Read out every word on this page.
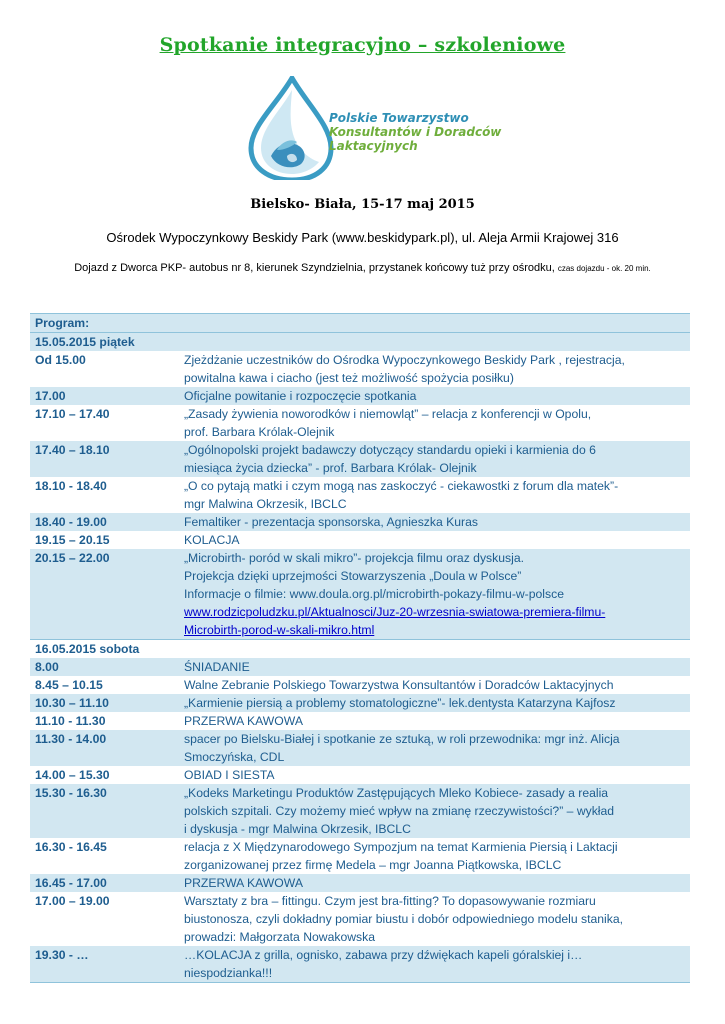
Spotkanie integracyjno – szkoleniowe
Polskie Towarzystwo
Konsultantów i Doradców
Laktacyjnych
Bielsko- Biała, 15-17 maj 2015
Ośrodek Wypoczynkowy Beskidy Park (www.beskidypark.pl), ul. Aleja Armii Krajowej 316
Dojazd z Dworca PKP- autobus nr 8, kierunek Szyndzielnia, przystanek końcowy tuż przy ośrodku, czas dojazdu - ok. 20 min.
Program:	
15.05.2015 piątek	
Od 15.00	Zjeżdżanie uczestników do Ośrodka Wypoczynkowego Beskidy Park , rejestracja,
powitalna kawa i ciacho (jest też możliwość spożycia posiłku)

17.00	Oficjalne powitanie i rozpoczęcie spotkania

17.10 – 17.40	„Zasady żywienia noworodków i niemowląt” – relacja z konferencji w Opolu,
prof. Barbara Królak-Olejnik

17.40 – 18.10	„Ogólnopolski projekt badawczy dotyczący standardu opieki i karmienia do 6
miesiąca życia dziecka” - prof. Barbara Królak- Olejnik

18.10 - 18.40	„O co pytają matki i czym mogą nas zaskoczyć - ciekawostki z forum dla matek”-
mgr Malwina Okrzesik, IBCLC

18.40 - 19.00	Femaltiker - prezentacja sponsorska, Agnieszka Kuras

19.15 – 20.15	KOLACJA

20.15 – 22.00	„Microbirth- poród w skali mikro”- projekcja filmu oraz dyskusja.
Projekcja dzięki uprzejmości Stowarzyszenia „Doula w Polsce”
Informacje o filmie: www.doula.org.pl/microbirth-pokazy-filmu-w-polsce
www.rodzicpoludzku.pl/Aktualnosci/Juz-20-wrzesnia-swiatowa-premiera-filmu-
Microbirth-porod-w-skali-mikro.html

16.05.2015 sobota	
8.00	ŚNIADANIE

8.45 – 10.15	Walne Zebranie Polskiego Towarzystwa Konsultantów i Doradców Laktacyjnych

10.30 – 11.10	„Karmienie piersią a problemy stomatologiczne”- lek.dentysta Katarzyna Kajfosz

11.10 - 11.30	PRZERWA KAWOWA

11.30 - 14.00	spacer po Bielsku-Białej i spotkanie ze sztuką, w roli przewodnika: mgr inż. Alicja
Smoczyńska, CDL

14.00 – 15.30	OBIAD I SIESTA

15.30 - 16.30	„Kodeks Marketingu Produktów Zastępujących Mleko Kobiece- zasady a realia
polskich szpitali. Czy możemy mieć wpływ na zmianę rzeczywistości?” – wykład
i dyskusja - mgr Malwina Okrzesik, IBCLC

16.30 - 16.45	relacja z X Międzynarodowego Sympozjum na temat Karmienia Piersią i Laktacji
zorganizowanej przez firmę Medela – mgr Joanna Piątkowska, IBCLC

16.45 - 17.00	PRZERWA KAWOWA

17.00 – 19.00	Warsztaty z bra – fittingu. Czym jest bra-fitting? To dopasowywanie rozmiaru
biustonosza, czyli dokładny pomiar biustu i dobór odpowiedniego modelu stanika,
prowadzi: Małgorzata Nowakowska

19.30 - …	…KOLACJA z grilla, ognisko, zabawa przy dźwiękach kapeli góralskiej i…
niespodzianka!!!
